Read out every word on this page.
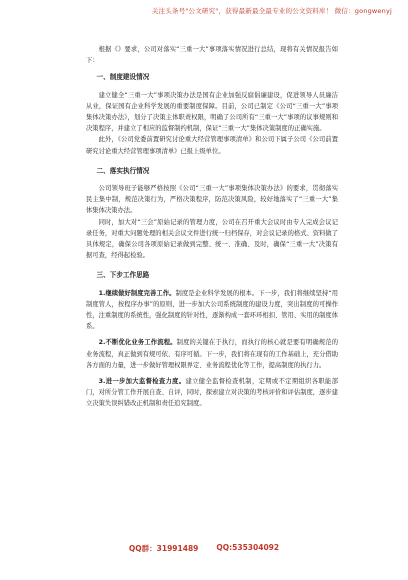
关注头条号"公文研究"，获得最新最全最专业的公文资料库！ 微信：gongwenyj

根据《》要求，公司对落实“三重一大”事项落实情况进行总结，现将有关情况报告如下：

一、制度建设情况

建立健全“三重一大”事项决策办法是国有企业加强反腐倡廉建设，促进领导人员廉洁从业，保证国有企业科学发展的重要制度保障。目前，公司已制定《公司“三重一大”事项集体决策办法》，划分了决策主体职责权限，明确了公司所有“三重一大”事项的议事规则和决策程序，并建立了相应的监督制约机制，保证“三重一大”集体决策制度的正确实施。

此外，《公司党委前置研究讨论重大经营管理事项清单》和公司下属子公司《公司前置研究讨论重大经营管理事项清单》已报上级单位。

二、落实执行情况

公司领导班子能够严格按照《公司“三重一大”事项集体决策办法》的要求，贯彻落实民主集中制，规范决策行为，严格决策程序，防范决策风险，较好地落实了“三重一大”集体集体决策办法。

同时，加大对“三会”原始记录的管理力度，公司在召开重大会议时由专人完成会议记录任务，对重大问题处理的相关会议文件进行统一归档保存，对会议记录的格式、资料做了具体规定，确保公司各项原始记录做到完整、统一、准确、及时，确保“三重一大”决策有据可查，经得起检验。

三、下步工作思路

1.继续做好制度完善工作。制度是企业科学发展的根本。下一步，我们将继续坚持“用制度管人，按程序办事”的原则，进一步加大公司系统制度的建设力度，突出制度的可操作性，注重制度的系统性，强化制度的针对性，逐渐构成一套环环相扣、管用、实用的制度体系。

2.不断优化业务工作流程。制度的关键在于执行，而执行的核心就是要有明确规范的业务流程，真正做到有规可依、有序可循。下一步，我们将在现有的工作基础上，充分借助各方面的力量，进一步做好管理权限界定、业务流程优化等工作，提高制度的执行力。

3.进一步加大监督检查力度。建立健全监督检查机制，定期或不定期组织各职能部门，对所分管工作开展自查、自评，同时，探索建立对决策的考核评价和评估制度，逐步建立决策失误纠错改正机制和责任追究制度。

QQ群：31991489 QQ:535304092
